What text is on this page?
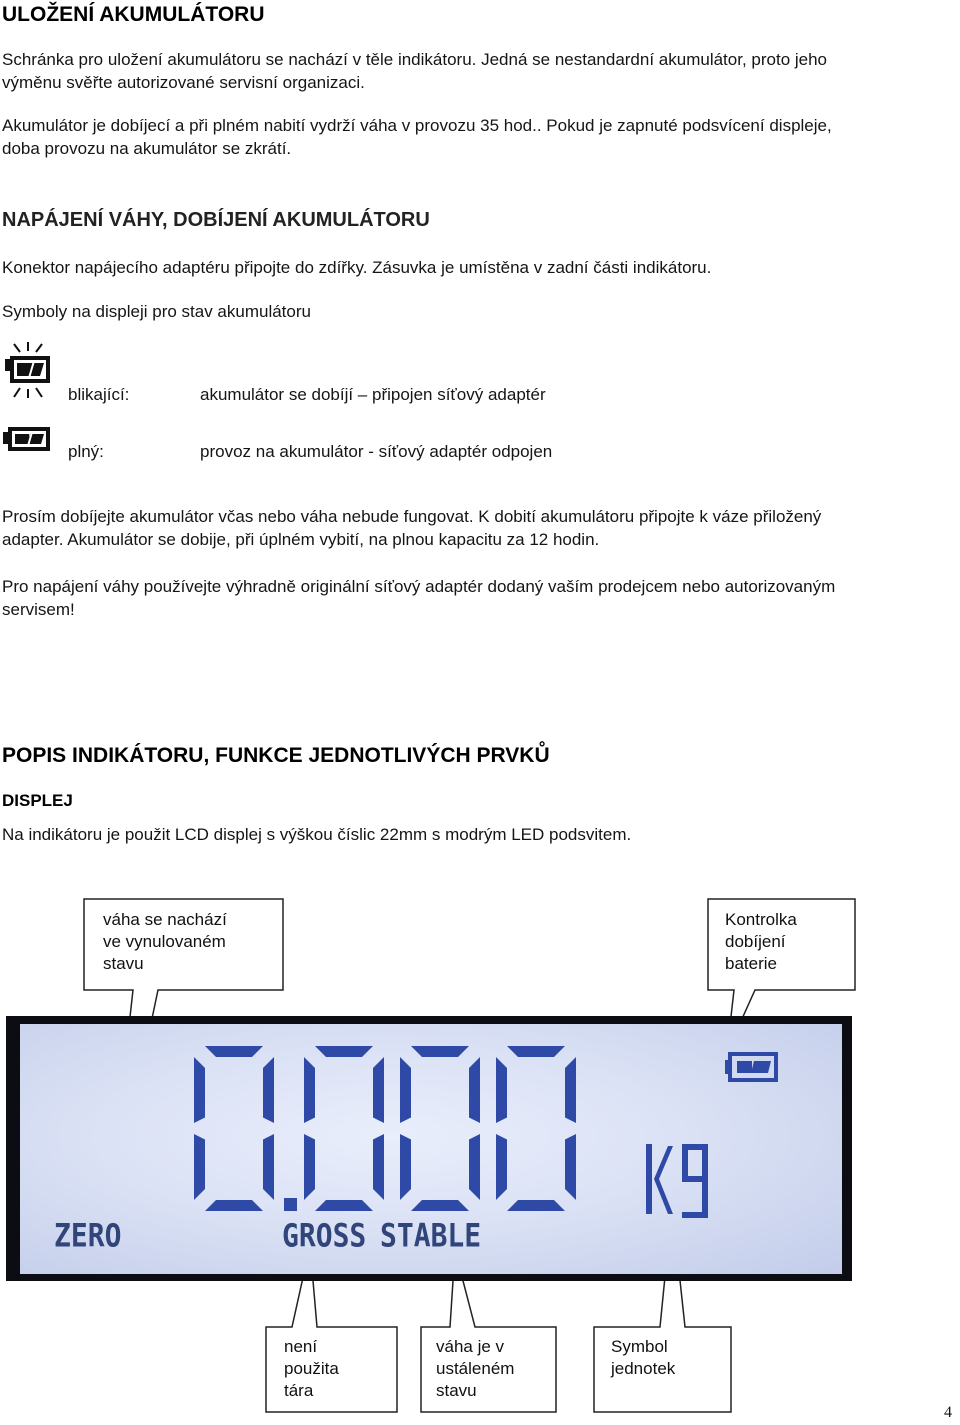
ULOŽENÍ AKUMULÁTORU
Schránka pro uložení akumulátoru se nachází v těle indikátoru. Jedná se nestandardní akumulátor, proto jeho
výměnu svěřte autorizované servisní organizaci.
Akumulátor je dobíjecí a při plném nabití vydrží váha v provozu 35 hod.. Pokud je zapnuté podsvícení displeje,
doba provozu na akumulátor se zkrátí.
NAPÁJENÍ VÁHY, DOBÍJENÍ AKUMULÁTORU
Konektor napájecího adaptéru připojte do zdířky. Zásuvka je umístěna v zadní části indikátoru.
Symboly na displeji pro stav akumulátoru
blikající:	akumulátor se dobíjí – připojen síťový adaptér
plný:	provoz na akumulátor - síťový adaptér odpojen
Prosím dobíjejte akumulátor včas nebo váha nebude fungovat. K dobití akumulátoru připojte k váze přiložený
adapter. Akumulátor se dobije, při úplném vybití, na plnou kapacitu za 12 hodin.
Pro napájení váhy používejte výhradně originální síťový adaptér dodaný vaším prodejcem nebo autorizovaným
servisem!
POPIS INDIKÁTORU, FUNKCE JEDNOTLIVÝCH PRVKŮ
DISPLEJ
Na indikátoru je použit LCD displej s výškou číslic 22mm s modrým LED podsvitem.
ZERO	GROSS STABLE
váha se nachází
ve vynulovaném
stavu
Kontrolka
dobíjení
baterie
není
použita
tára
váha je v
ustáleném
stavu
Symbol
jednotek
4
